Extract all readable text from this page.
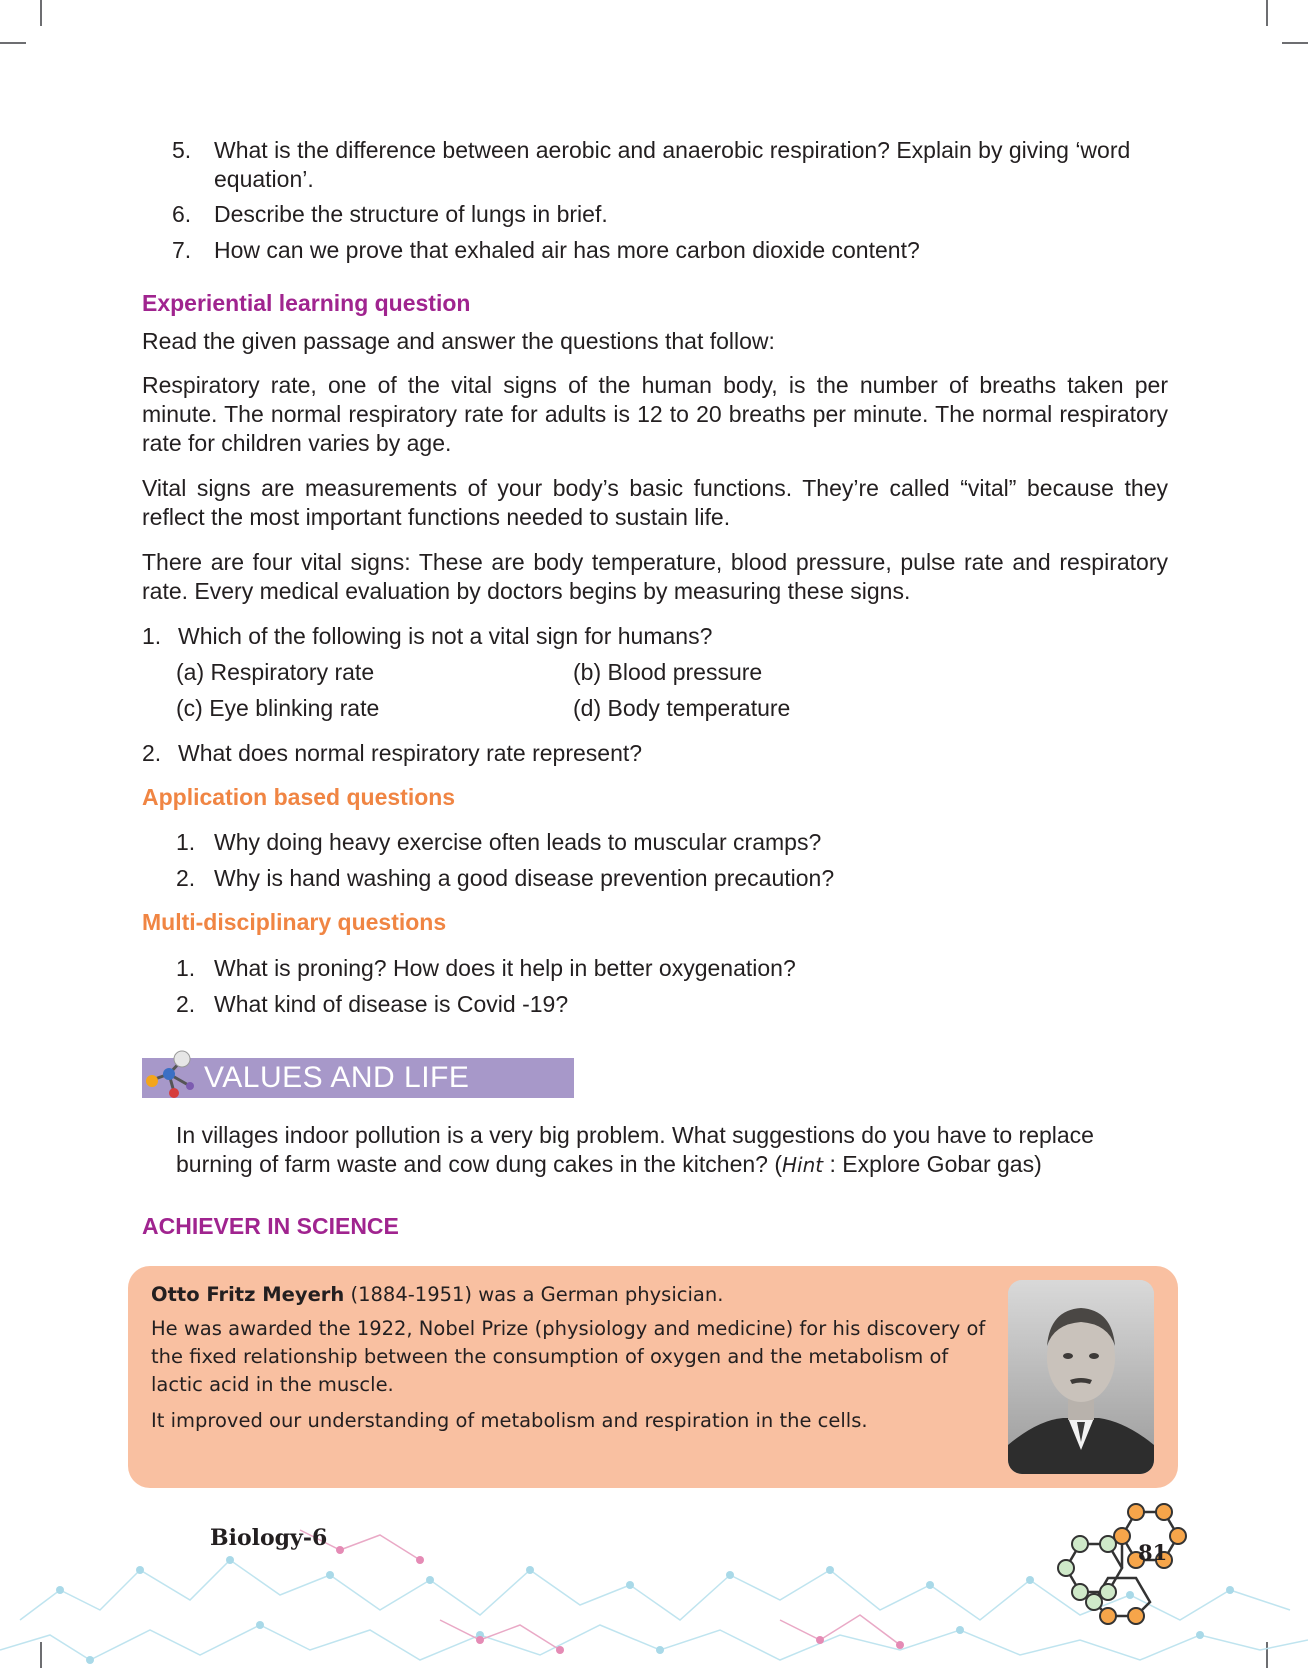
5. What is the difference between aerobic and anaerobic respiration? Explain by giving ‘word
equation’.
6. Describe the structure of lungs in brief.
7. How can we prove that exhaled air has more carbon dioxide content?
Experiential learning question
Read the given passage and answer the questions that follow:
Respiratory rate, one of the vital signs of the human body, is the number of breaths taken per minute. The normal respiratory rate for adults is 12 to 20 breaths per minute. The normal respiratory rate for children varies by age.
Vital signs are measurements of your body’s basic functions. They’re called “vital” because they reflect the most important functions needed to sustain life.
There are four vital signs: These are body temperature, blood pressure, pulse rate and respiratory rate. Every medical evaluation by doctors begins by measuring these signs.
1. Which of the following is not a vital sign for humans?
(a) Respiratory rate	(b) Blood pressure
(c) Eye blinking rate	(d) Body temperature
2. What does normal respiratory rate represent?
Application based questions
1. Why doing heavy exercise often leads to muscular cramps?
2. Why is hand washing a good disease prevention precaution?
Multi-disciplinary questions
1. What is proning? How does it help in better oxygenation?
2. What kind of disease is Covid -19?
VALUES AND LIFE SKILLS
In villages indoor pollution is a very big problem. What suggestions do you have to replace
burning of farm waste and cow dung cakes in the kitchen? (Hint : Explore Gobar gas)
ACHIEVER IN SCIENCE
Otto Fritz Meyerh (1884-1951) was a German physician.
He was awarded the 1922, Nobel Prize (physiology and medicine) for his discovery of the fixed relationship between the consumption of oxygen and the metabolism of lactic acid in the muscle.
It improved our understanding of metabolism and respiration in the cells.
Biology-6
81
